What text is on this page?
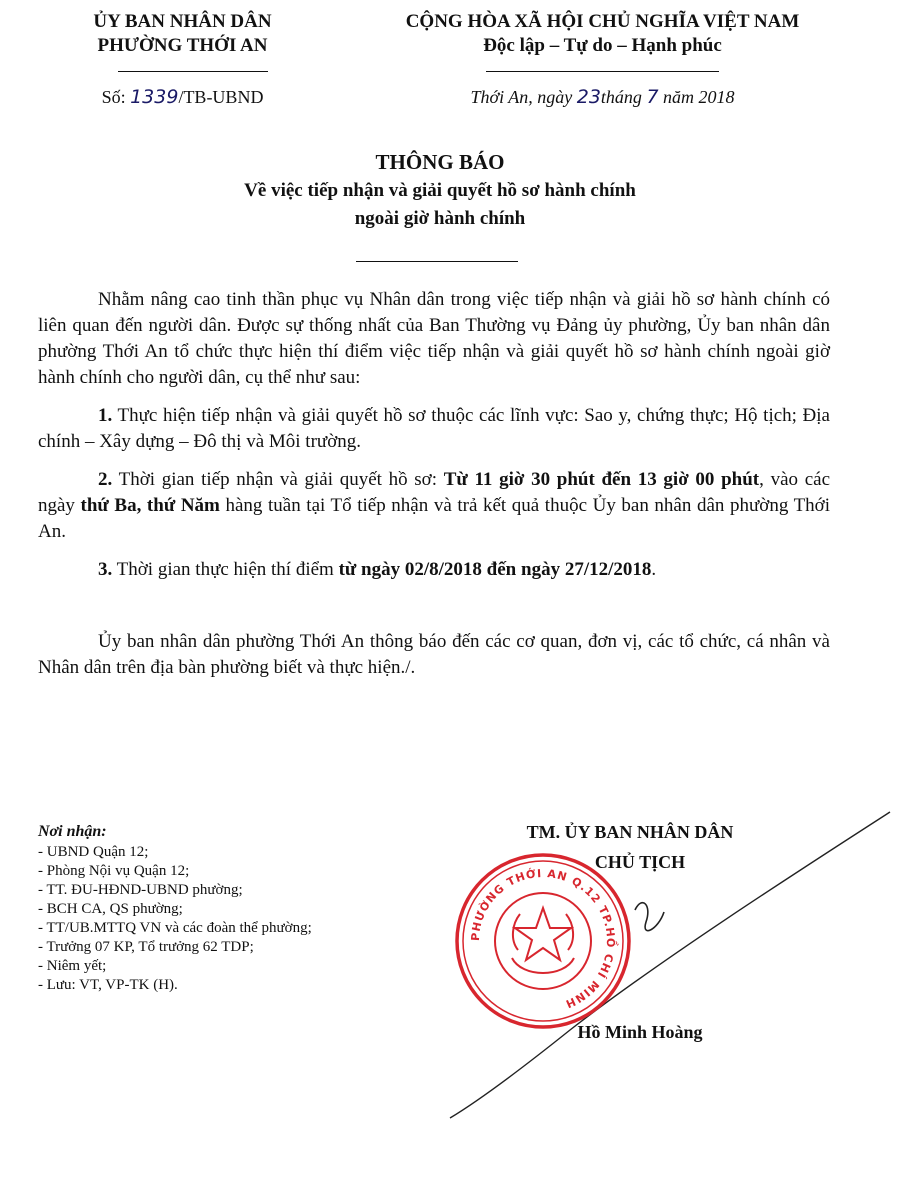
ỦY BAN NHÂN DÂN
PHƯỜNG THỚI AN
CỘNG HÒA XÃ HỘI CHỦ NGHĨA VIỆT NAM
Độc lập – Tự do – Hạnh phúc
Số: 1339/TB-UBND	Thới An, ngày 23tháng 7 năm 2018
THÔNG BÁO
Về việc tiếp nhận và giải quyết hồ sơ hành chính
ngoài giờ hành chính

Nhằm nâng cao tinh thần phục vụ Nhân dân trong việc tiếp nhận và giải hồ sơ hành chính có liên quan đến người dân. Được sự thống nhất của Ban Thường vụ Đảng ủy phường, Ủy ban nhân dân phường Thới An tổ chức thực hiện thí điểm việc tiếp nhận và giải quyết hồ sơ hành chính ngoài giờ hành chính cho người dân, cụ thể như sau:

1. Thực hiện tiếp nhận và giải quyết hồ sơ thuộc các lĩnh vực: Sao y, chứng thực; Hộ tịch; Địa chính – Xây dựng – Đô thị và Môi trường.

2. Thời gian tiếp nhận và giải quyết hồ sơ: Từ 11 giờ 30 phút đến 13 giờ 00 phút, vào các ngày thứ Ba, thứ Năm hàng tuần tại Tổ tiếp nhận và trả kết quả thuộc Ủy ban nhân dân phường Thới An.

3. Thời gian thực hiện thí điểm từ ngày 02/8/2018 đến ngày 27/12/2018.

Ủy ban nhân dân phường Thới An thông báo đến các cơ quan, đơn vị, các tổ chức, cá nhân và Nhân dân trên địa bàn phường biết và thực hiện./.

Nơi nhận:
- UBND Quận 12;
- Phòng Nội vụ Quận 12;
- TT. ĐU-HĐND-UBND phường;
- BCH CA, QS phường;
- TT/UB.MTTQ VN và các đoàn thể phường;
- Trưởng 07 KP, Tổ trưởng 62 TDP;
- Niêm yết;
- Lưu: VT, VP-TK (H).
PHƯỜNG THỚI AN Q.12 TP.HỒ CHÍ MINH
TM. ỦY BAN NHÂN DÂN
CHỦ TỊCH
Hồ Minh Hoàng
